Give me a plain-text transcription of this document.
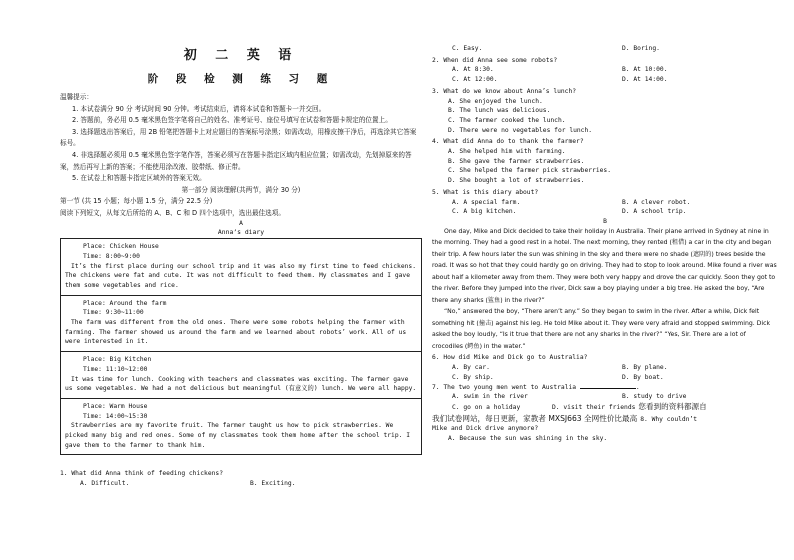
初 二 英 语
阶 段 检 测 练 习 题
温馨提示：
1. 本试卷满分 90 分 考试时间 90 分钟。考试结束后，请将本试卷和答题卡一并交回。
2. 答题前，务必用 0.5 毫米黑色签字笔将自己的姓名、准考证号、座位号填写在试卷和答题卡规定的位置上。
3. 选择题选出答案后，用 2B 铅笔把答题卡上对应题目的答案标号涂黑；如需改动，用橡皮擦干净后，再选涂其它答案标号。
4. 非选择题必须用 0.5 毫米黑色签字笔作答，答案必须写在答题卡指定区域内相应位置；如需改动，先划掉原来的答案，然后再写上新的答案；不能使用涂改液、胶带纸、修正带。
5. 在试卷上和答题卡指定区域外的答案无效。
第一部分 阅读理解(共两节，满分 30 分)
第一节 (共 15 小题；每小题 1.5 分，满分 22.5 分)
阅读下列短文，从每文后所给的 A、B、C 和 D 四个选项中，选出最佳选项。
A
Anna’s diary
Place: Chicken House
Time: 8:00~9:00
It’s the first place during our school trip and it was also my first time to feed chickens. The chickens were fat and cute. It was not difficult to feed them. My classmates and I gave them some vegetables and rice.
Place: Around the farm
Time: 9:30~11:00
The farm was different from the old ones. There were some robots helping the farmer with farming. The farmer showed us around the farm and we learned about robots’ work. All of us were interested in it.
Place: Big Kitchen
Time: 11:10~12:00
It was time for lunch. Cooking with teachers and classmates was exciting. The farmer gave us some vegetables. We had a not delicious but meaningful (有意义的) lunch. We were all happy.
Place: Warm House
Time: 14:00~15:30
Strawberries are my favorite fruit. The farmer taught us how to pick strawberries. We picked many big and red ones. Some of my classmates took them home after the school trip. I gave them to the farmer to thank him.
1. What did Anna think of feeding chickens?
A. Difficult.	B. Exciting.
C. Easy.	D. Boring.
2. When did Anna see some robots?
A. At 8:30.	B. At 10:00.
C. At 12:00.	D. At 14:00.
3. What do we know about Anna’s lunch?
A. She enjoyed the lunch.
B. The lunch was delicious.
C. The farmer cooked the lunch.
D. There were no vegetables for lunch.
4. What did Anna do to thank the farmer?
A. She helped him with farming.
B. She gave the farmer strawberries.
C. She helped the farmer pick strawberries.
D. She bought a lot of strawberries.
5. What is this diary about?
A. A special farm.	B. A clever robot.
C. A big kitchen.	D. A school trip.
B
One day, Mike and Dick decided to take their holiday in Australia. Their plane arrived in Sydney at nine in the morning. They had a good rest in a hotel. The next morning, they rented (租借) a car in the city and began their trip. A few hours later the sun was shining in the sky and there were no shade (遮阴的) trees beside the road. It was so hot that they could hardly go on driving. They had to stop to look around. Mike found a river was about half a kilometer away from them. They were both very happy and drove the car quickly. Soon they got to the river. Before they jumped into the river, Dick saw a boy playing under a big tree. He asked the boy, “Are there any sharks (鲨鱼) in the river?”
“No,” answered the boy, “There aren’t any.” So they began to swim in the river. After a while, Dick felt something hit (撞击) against his leg. He told Mike about it. They were very afraid and stopped swimming. Dick asked the boy loudly, “Is it true that there are not any sharks in the river?” “Yes, Sir. There are a lot of crocodiles (鳄鱼) in the water.”
6. How did Mike and Dick go to Australia?
A. By car.	B. By plane.
C. By ship.	D. By boat.
7. The two young men went to Australia	.
A. swim in the river	B. study to drive
C. go on a holiday	D. visit their friends 您看到的资料都源自
我们试卷网站，每日更新，家教者 MXSJ663 全网性价比最高 8. Why couldn’t
Mike and Dick drive anymore?
A. Because the sun was shining in the sky.
